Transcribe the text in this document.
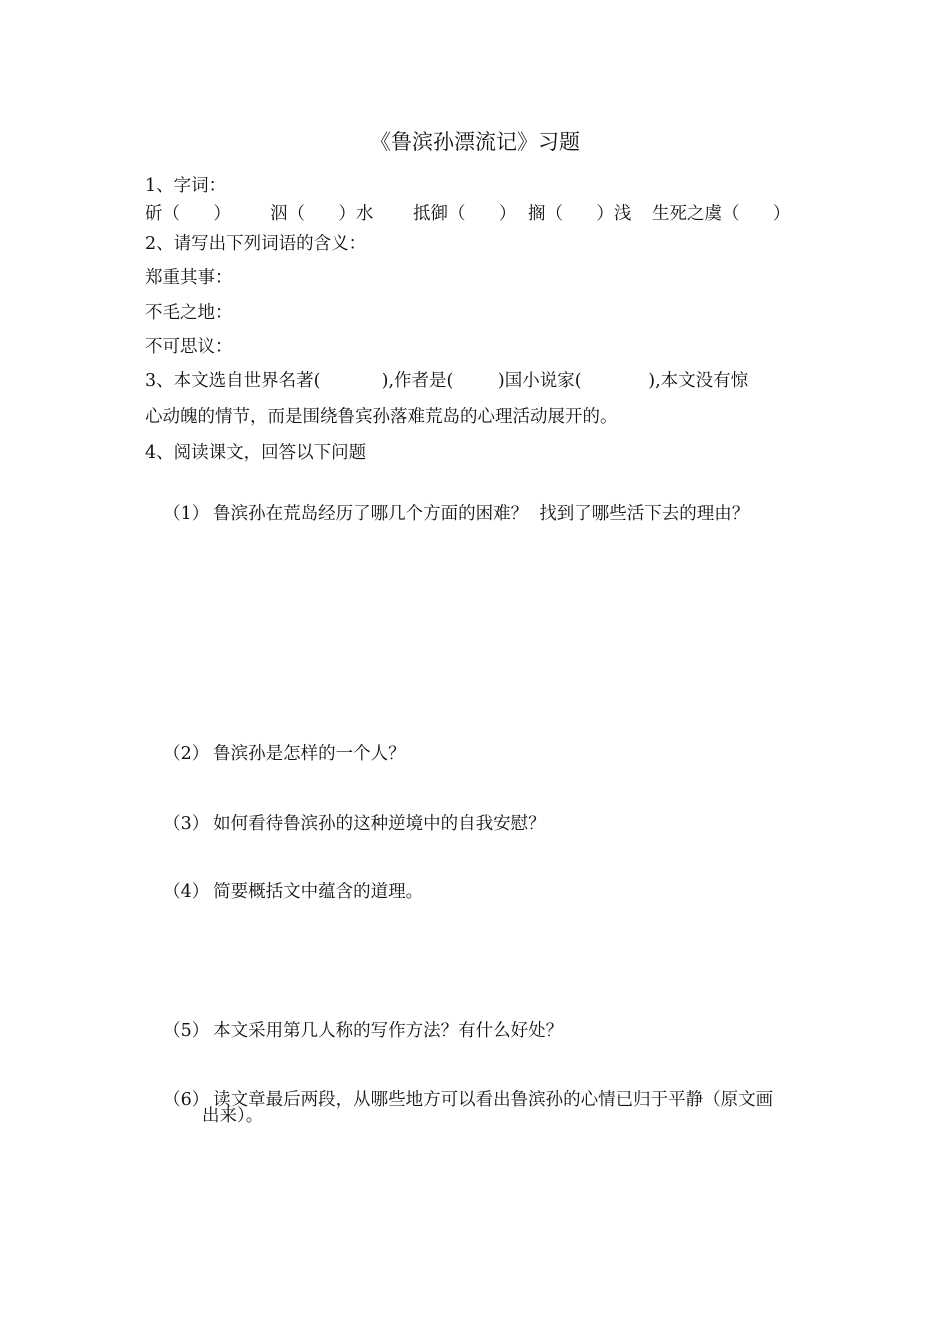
《鲁滨孙漂流记》习题
1、字词：
斫（      ） 泅（      ）水 抵御（      ） 搁（      ）浅 生死之虞（      ）
2、请写出下列词语的含义：
郑重其事：
不毛之地：
不可思议：
3、本文选自世界名著(           ),作者是(        )国小说家(            ),本文没有惊
心动魄的情节，而是围绕鲁宾孙落难荒岛的心理活动展开的。
4、阅读课文，回答以下问题

（1） 鲁滨孙在荒岛经历了哪几个方面的困难？  找到了哪些活下去的理由？

（2） 鲁滨孙是怎样的一个人？

（3） 如何看待鲁滨孙的这种逆境中的自我安慰？

（4） 简要概括文中蕴含的道理。

（5） 本文采用第几人称的写作方法？有什么好处？

（6） 读文章最后两段，从哪些地方可以看出鲁滨孙的心情已归于平静（原文画

出来）。
